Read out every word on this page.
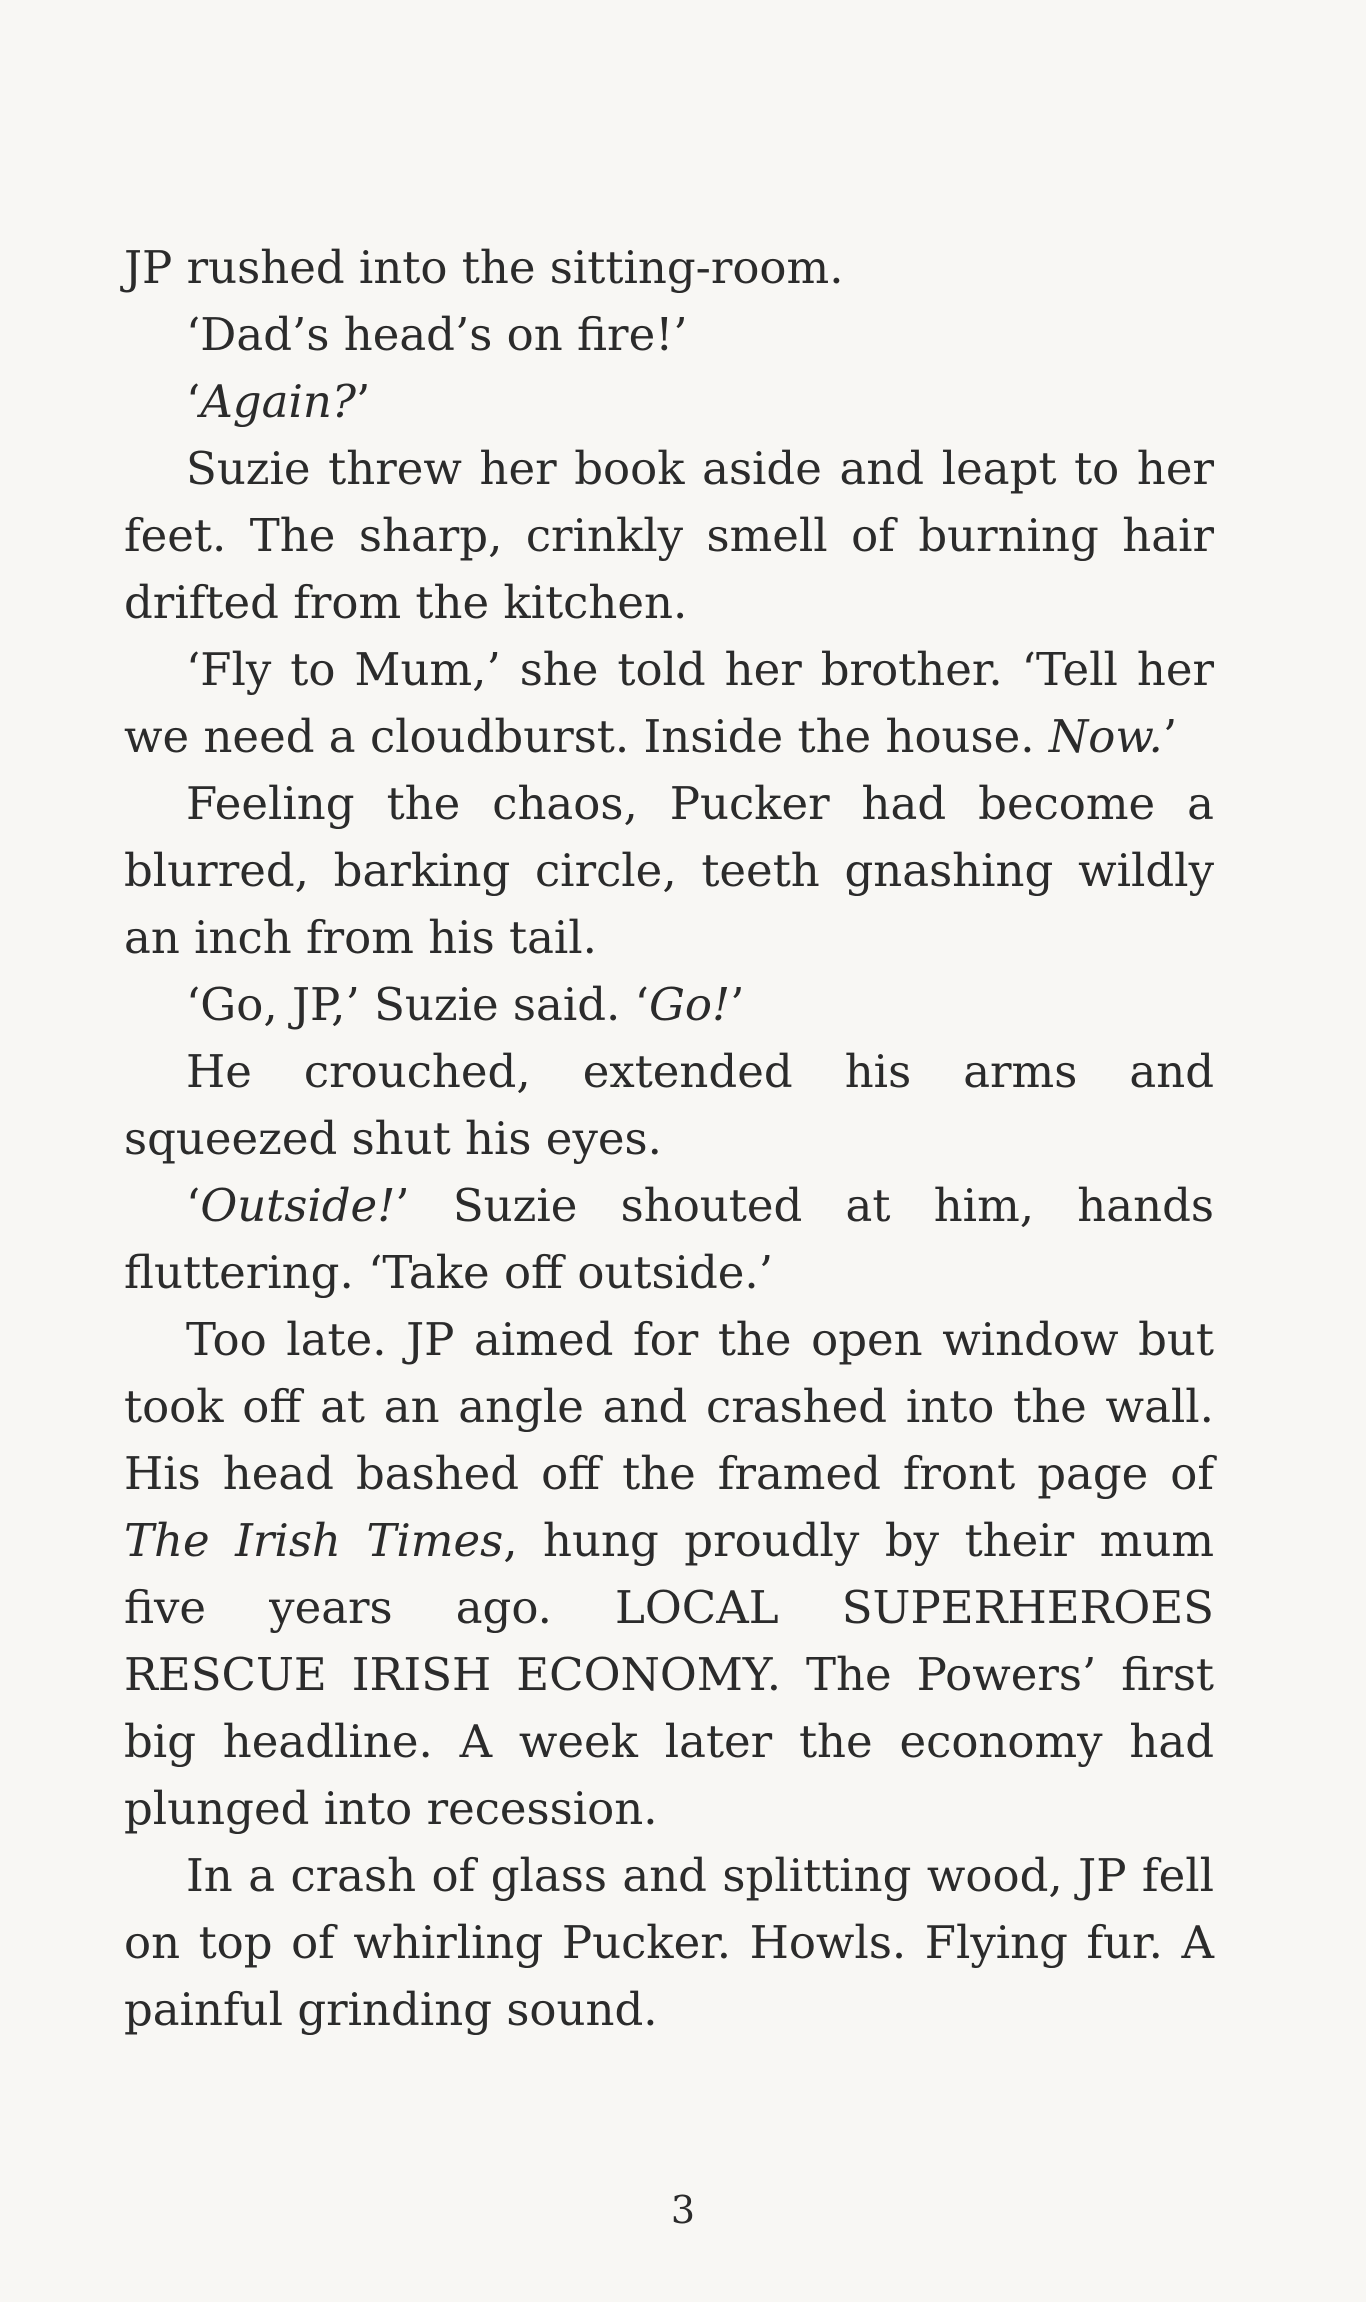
JP rushed into the sitting-room.

‘Dad’s head’s on fire!’

‘Again?’

Suzie threw her book aside and leapt to her feet. The sharp, crinkly smell of burning hair drifted from the kitchen.

‘Fly to Mum,’ she told her brother. ‘Tell her we need a cloudburst. Inside the house. Now.’

Feeling the chaos, Pucker had become a blurred, barking circle, teeth gnashing wildly an inch from his tail.

‘Go, JP,’ Suzie said. ‘Go!’

He crouched, extended his arms and squeezed shut his eyes.

‘Outside!’ Suzie shouted at him, hands fluttering. ‘Take off outside.’

Too late. JP aimed for the open window but took off at an angle and crashed into the wall. His head bashed off the framed front page of The Irish Times, hung proudly by their mum five years ago. LOCAL SUPERHEROES RESCUE IRISH ECONOMY. The Powers’ first big headline. A week later the economy had plunged into recession.

In a crash of glass and splitting wood, JP fell on top of whirling Pucker. Howls. Flying fur. A painful grinding sound.

3
